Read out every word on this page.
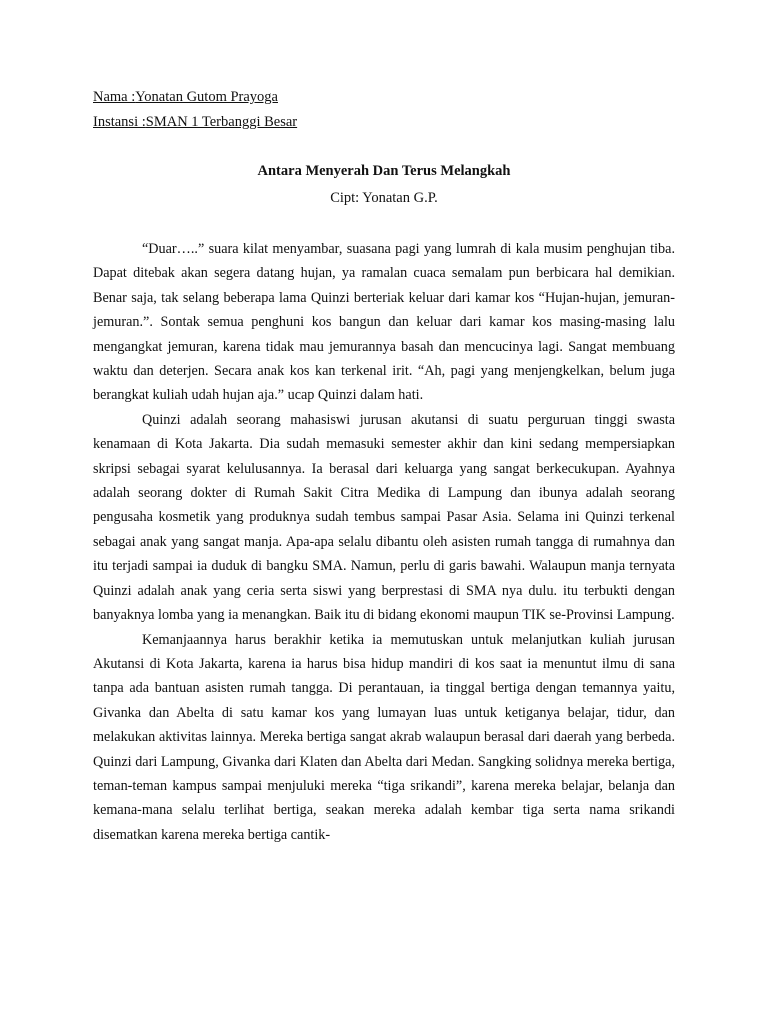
Nama :Yonatan Gutom Prayoga
Instansi :SMAN 1 Terbanggi Besar
Antara Menyerah Dan Terus Melangkah
Cipt: Yonatan G.P.

“Duar…..” suara kilat menyambar, suasana pagi yang lumrah di kala musim penghujan tiba. Dapat ditebak akan segera datang hujan, ya ramalan cuaca semalam pun berbicara hal demikian. Benar saja, tak selang beberapa lama Quinzi berteriak keluar dari kamar kos “Hujan-hujan, jemuran-jemuran.”. Sontak semua penghuni kos bangun dan keluar dari kamar kos masing-masing lalu mengangkat jemuran, karena tidak mau jemurannya basah dan mencucinya lagi. Sangat membuang waktu dan deterjen. Secara anak kos kan terkenal irit. “Ah, pagi yang menjengkelkan, belum juga berangkat kuliah udah hujan aja.” ucap Quinzi dalam hati.

Quinzi adalah seorang mahasiswi jurusan akutansi di suatu perguruan tinggi swasta kenamaan di Kota Jakarta. Dia sudah memasuki semester akhir dan kini sedang mempersiapkan skripsi sebagai syarat kelulusannya. Ia berasal dari keluarga yang sangat berkecukupan. Ayahnya adalah seorang dokter di Rumah Sakit Citra Medika di Lampung dan ibunya adalah seorang pengusaha kosmetik yang produknya sudah tembus sampai Pasar Asia. Selama ini Quinzi terkenal sebagai anak yang sangat manja. Apa-apa selalu dibantu oleh asisten rumah tangga di rumahnya dan itu terjadi sampai ia duduk di bangku SMA. Namun, perlu di garis bawahi. Walaupun manja ternyata Quinzi adalah anak yang ceria serta siswi yang berprestasi di SMA nya dulu. itu terbukti dengan banyaknya lomba yang ia menangkan. Baik itu di bidang ekonomi maupun TIK se-Provinsi Lampung.

Kemanjaannya harus berakhir ketika ia memutuskan untuk melanjutkan kuliah jurusan Akutansi di Kota Jakarta, karena ia harus bisa hidup mandiri di kos saat ia menuntut ilmu di sana tanpa ada bantuan asisten rumah tangga. Di perantauan, ia tinggal bertiga dengan temannya yaitu, Givanka dan Abelta di satu kamar kos yang lumayan luas untuk ketiganya belajar, tidur, dan melakukan aktivitas lainnya. Mereka bertiga sangat akrab walaupun berasal dari daerah yang berbeda. Quinzi dari Lampung, Givanka dari Klaten dan Abelta dari Medan. Sangking solidnya mereka bertiga, teman-teman kampus sampai menjuluki mereka “tiga srikandi”, karena mereka belajar, belanja dan kemana-mana selalu terlihat bertiga, seakan mereka adalah kembar tiga serta nama srikandi disematkan karena mereka bertiga cantik-
